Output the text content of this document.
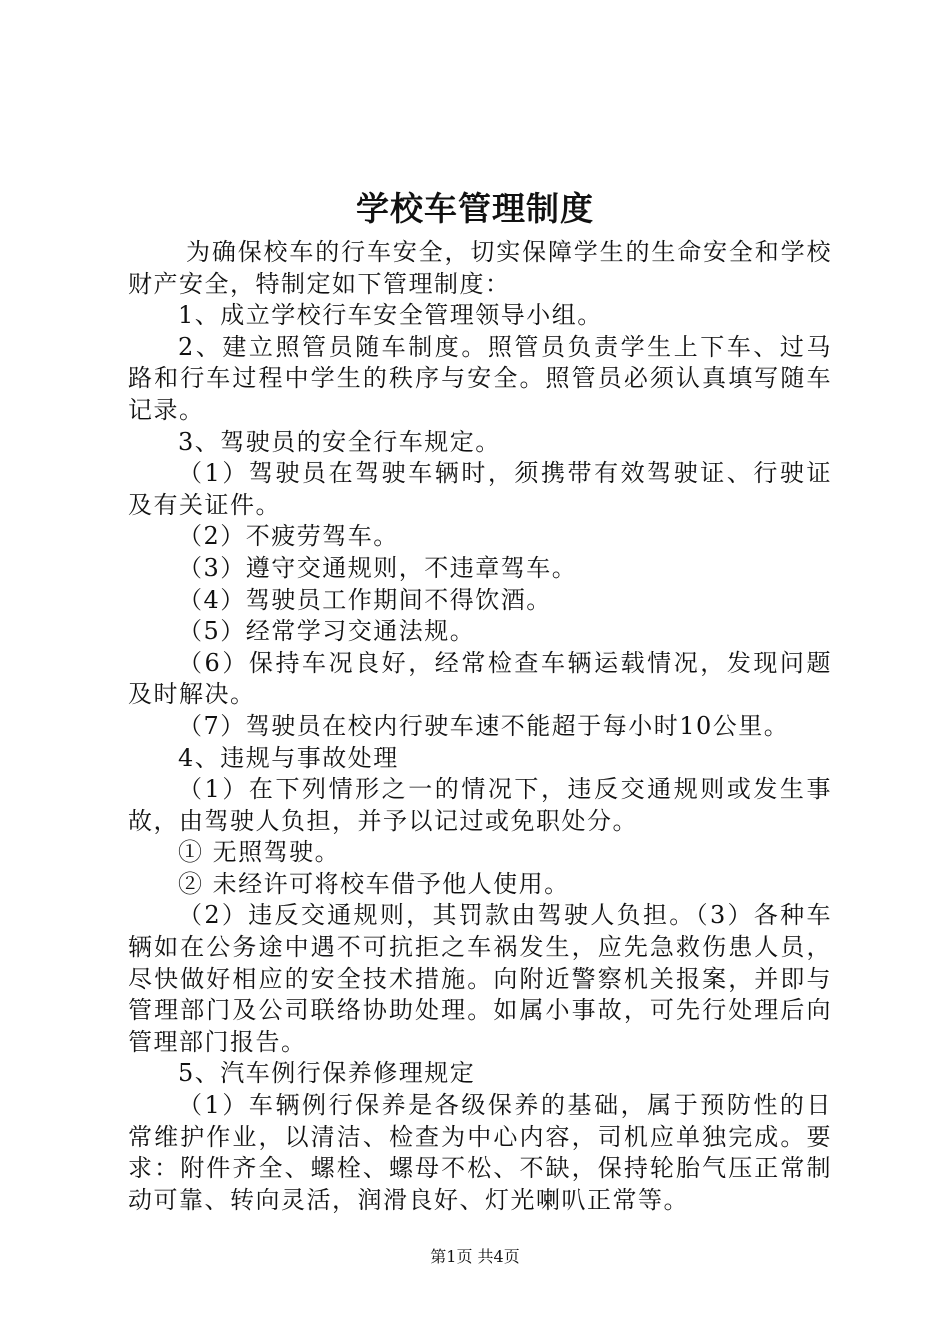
学校车管理制度

为确保校车的行车安全，切实保障学生的生命安全和学校财产安全，特制定如下管理制度：

1、成立学校行车安全管理领导小组。

2、建立照管员随车制度。照管员负责学生上下车、过马路和行车过程中学生的秩序与安全。照管员必须认真填写随车记录。

3、驾驶员的安全行车规定。

（1）驾驶员在驾驶车辆时，须携带有效驾驶证、行驶证及有关证件。

（2）不疲劳驾车。

（3）遵守交通规则，不违章驾车。

（4）驾驶员工作期间不得饮酒。

（5）经常学习交通法规。

（6）保持车况良好，经常检查车辆运载情况，发现问题及时解决。

（7）驾驶员在校内行驶车速不能超于每小时10公里。

4、违规与事故处理

（1）在下列情形之一的情况下，违反交通规则或发生事故，由驾驶人负担，并予以记过或免职处分。

① 无照驾驶。

② 未经许可将校车借予他人使用。

（2）违反交通规则，其罚款由驾驶人负担。（3）各种车辆如在公务途中遇不可抗拒之车祸发生，应先急救伤患人员，尽快做好相应的安全技术措施。向附近警察机关报案，并即与管理部门及公司联络协助处理。如属小事故，可先行处理后向管理部门报告。

5、汽车例行保养修理规定

（1）车辆例行保养是各级保养的基础，属于预防性的日常维护作业，以清洁、检查为中心内容，司机应单独完成。要求：附件齐全、螺栓、螺母不松、不缺，保持轮胎气压正常制动可靠、转向灵活，润滑良好、灯光喇叭正常等。

第1页 共4页
